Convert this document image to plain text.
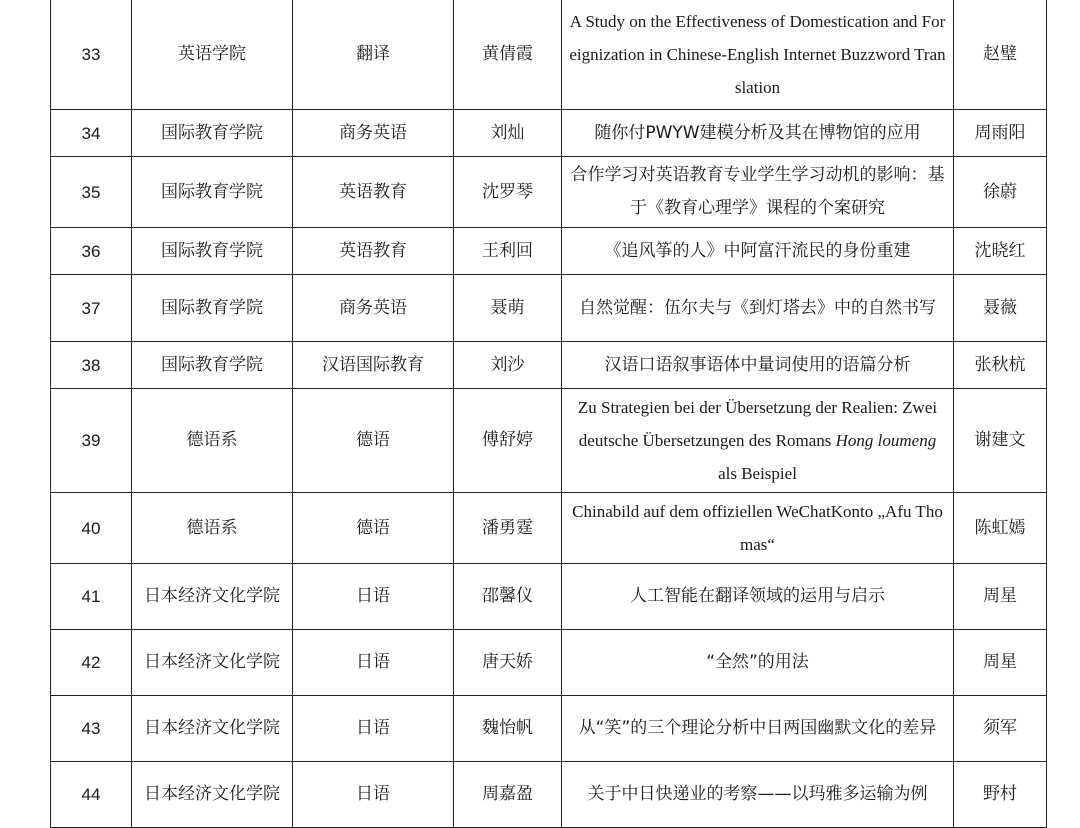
33	英语学院	翻译	黄倩霞	A Study on the Effectiveness of Domestication and Foreignization in Chinese-English Internet Buzzword Translation	赵璧
34	国际教育学院	商务英语	刘灿	随你付PWYW建模分析及其在博物馆的应用	周雨阳
35	国际教育学院	英语教育	沈罗琴	合作学习对英语教育专业学生学习动机的影响：基于《教育心理学》课程的个案研究	徐蔚
36	国际教育学院	英语教育	王利回	《追风筝的人》中阿富汗流民的身份重建	沈晓红
37	国际教育学院	商务英语	聂萌	自然觉醒：伍尔夫与《到灯塔去》中的自然书写	聂薇
38	国际教育学院	汉语国际教育	刘沙	汉语口语叙事语体中量词使用的语篇分析	张秋杭
39	德语系	德语	傅舒婷	Zu Strategien bei der Übersetzung der Realien: Zwei deutsche Übersetzungen des Romans Hong loumeng als Beispiel	谢建文
40	德语系	德语	潘勇霆	Chinabild auf dem offiziellen WeChatKonto „Afu Thomas“	陈虹嫣
41	日本经济文化学院	日语	邵馨仪	人工智能在翻译领域的运用与启示	周星
42	日本经济文化学院	日语	唐天娇	“全然”的用法	周星
43	日本经济文化学院	日语	魏怡帆	从“笑”的三个理论分析中日两国幽默文化的差异	须军
44	日本经济文化学院	日语	周嘉盈	关于中日快递业的考察——以玛雅多运输为例	野村
